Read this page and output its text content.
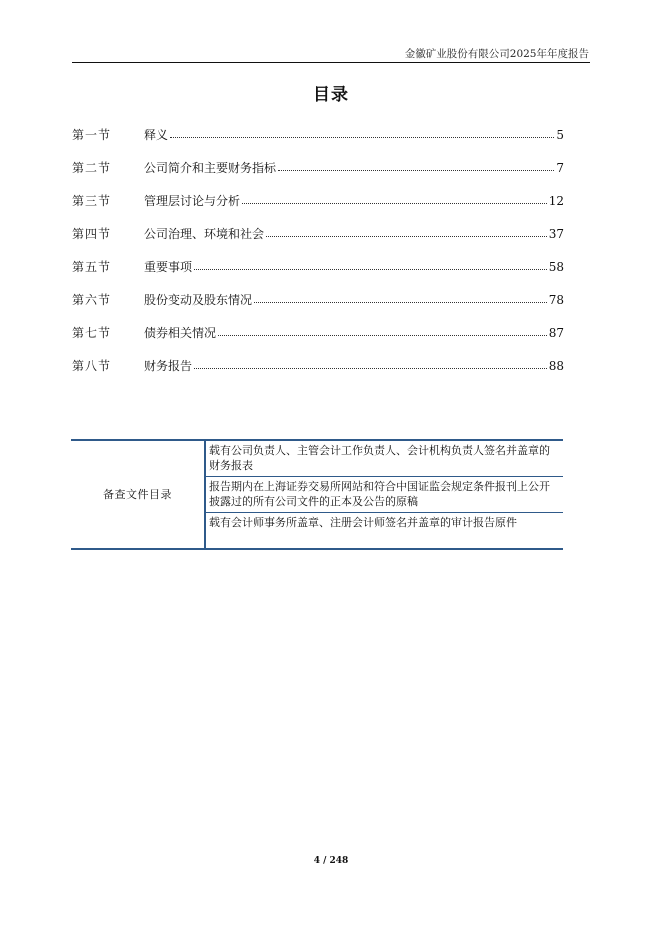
金徽矿业股份有限公司2025年年度报告
目录
第一节	释义	5
第二节	公司简介和主要财务指标	7
第三节	管理层讨论与分析	12
第四节	公司治理、环境和社会	37
第五节	重要事项	58
第六节	股份变动及股东情况	78
第七节	债券相关情况	87
第八节	财务报告	88
备查文件目录	载有公司负责人、主管会计工作负责人、会计机构负责人签名并盖章的财务报表
报告期内在上海证券交易所网站和符合中国证监会规定条件报刊上公开披露过的所有公司文件的正本及公告的原稿
载有会计师事务所盖章、注册会计师签名并盖章的审计报告原件
4 / 248
